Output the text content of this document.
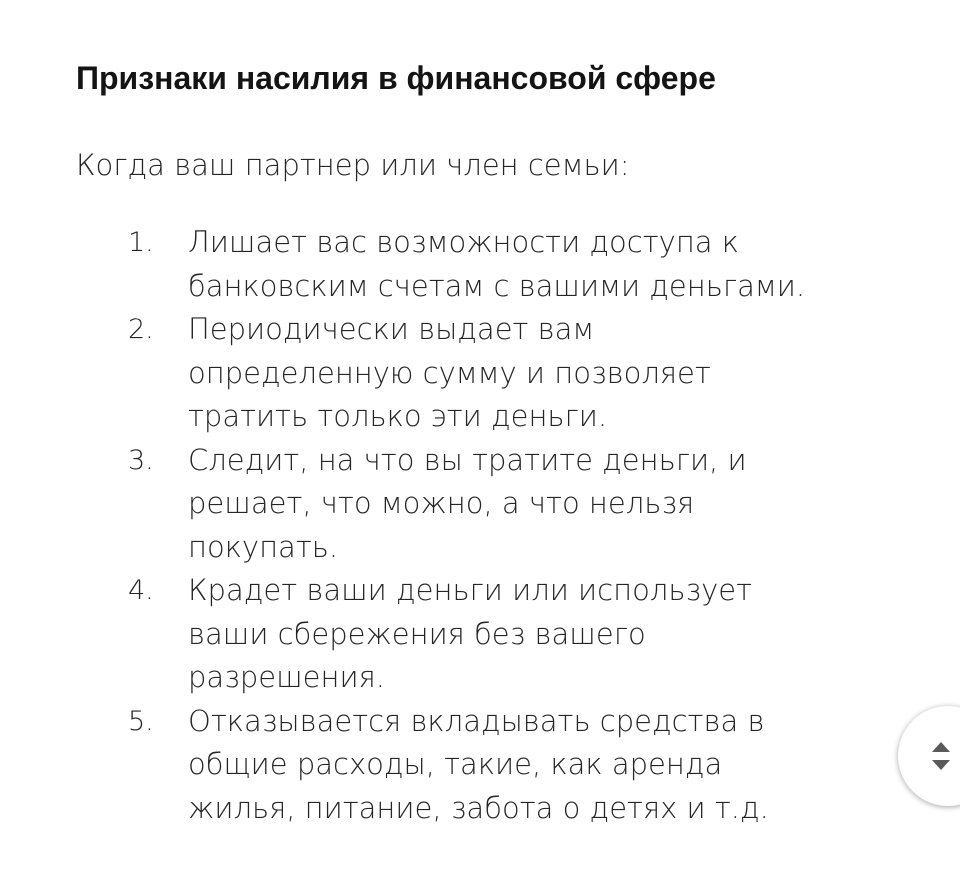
Признаки насилия в финансовой сфере

Когда ваш партнер или член семьи:

1.	Лишает вас возможности доступа к банковским счетам с вашими деньгами.
2.	Периодически выдает вам определенную сумму и позволяет тратить только эти деньги.
3.	Следит, на что вы тратите деньги, и решает, что можно, а что нельзя покупать.
4.	Крадет ваши деньги или использует ваши сбережения без вашего разрешения.
5.	Отказывается вкладывать средства в общие расходы, такие, как аренда жилья, питание, забота о детях и т.д.
